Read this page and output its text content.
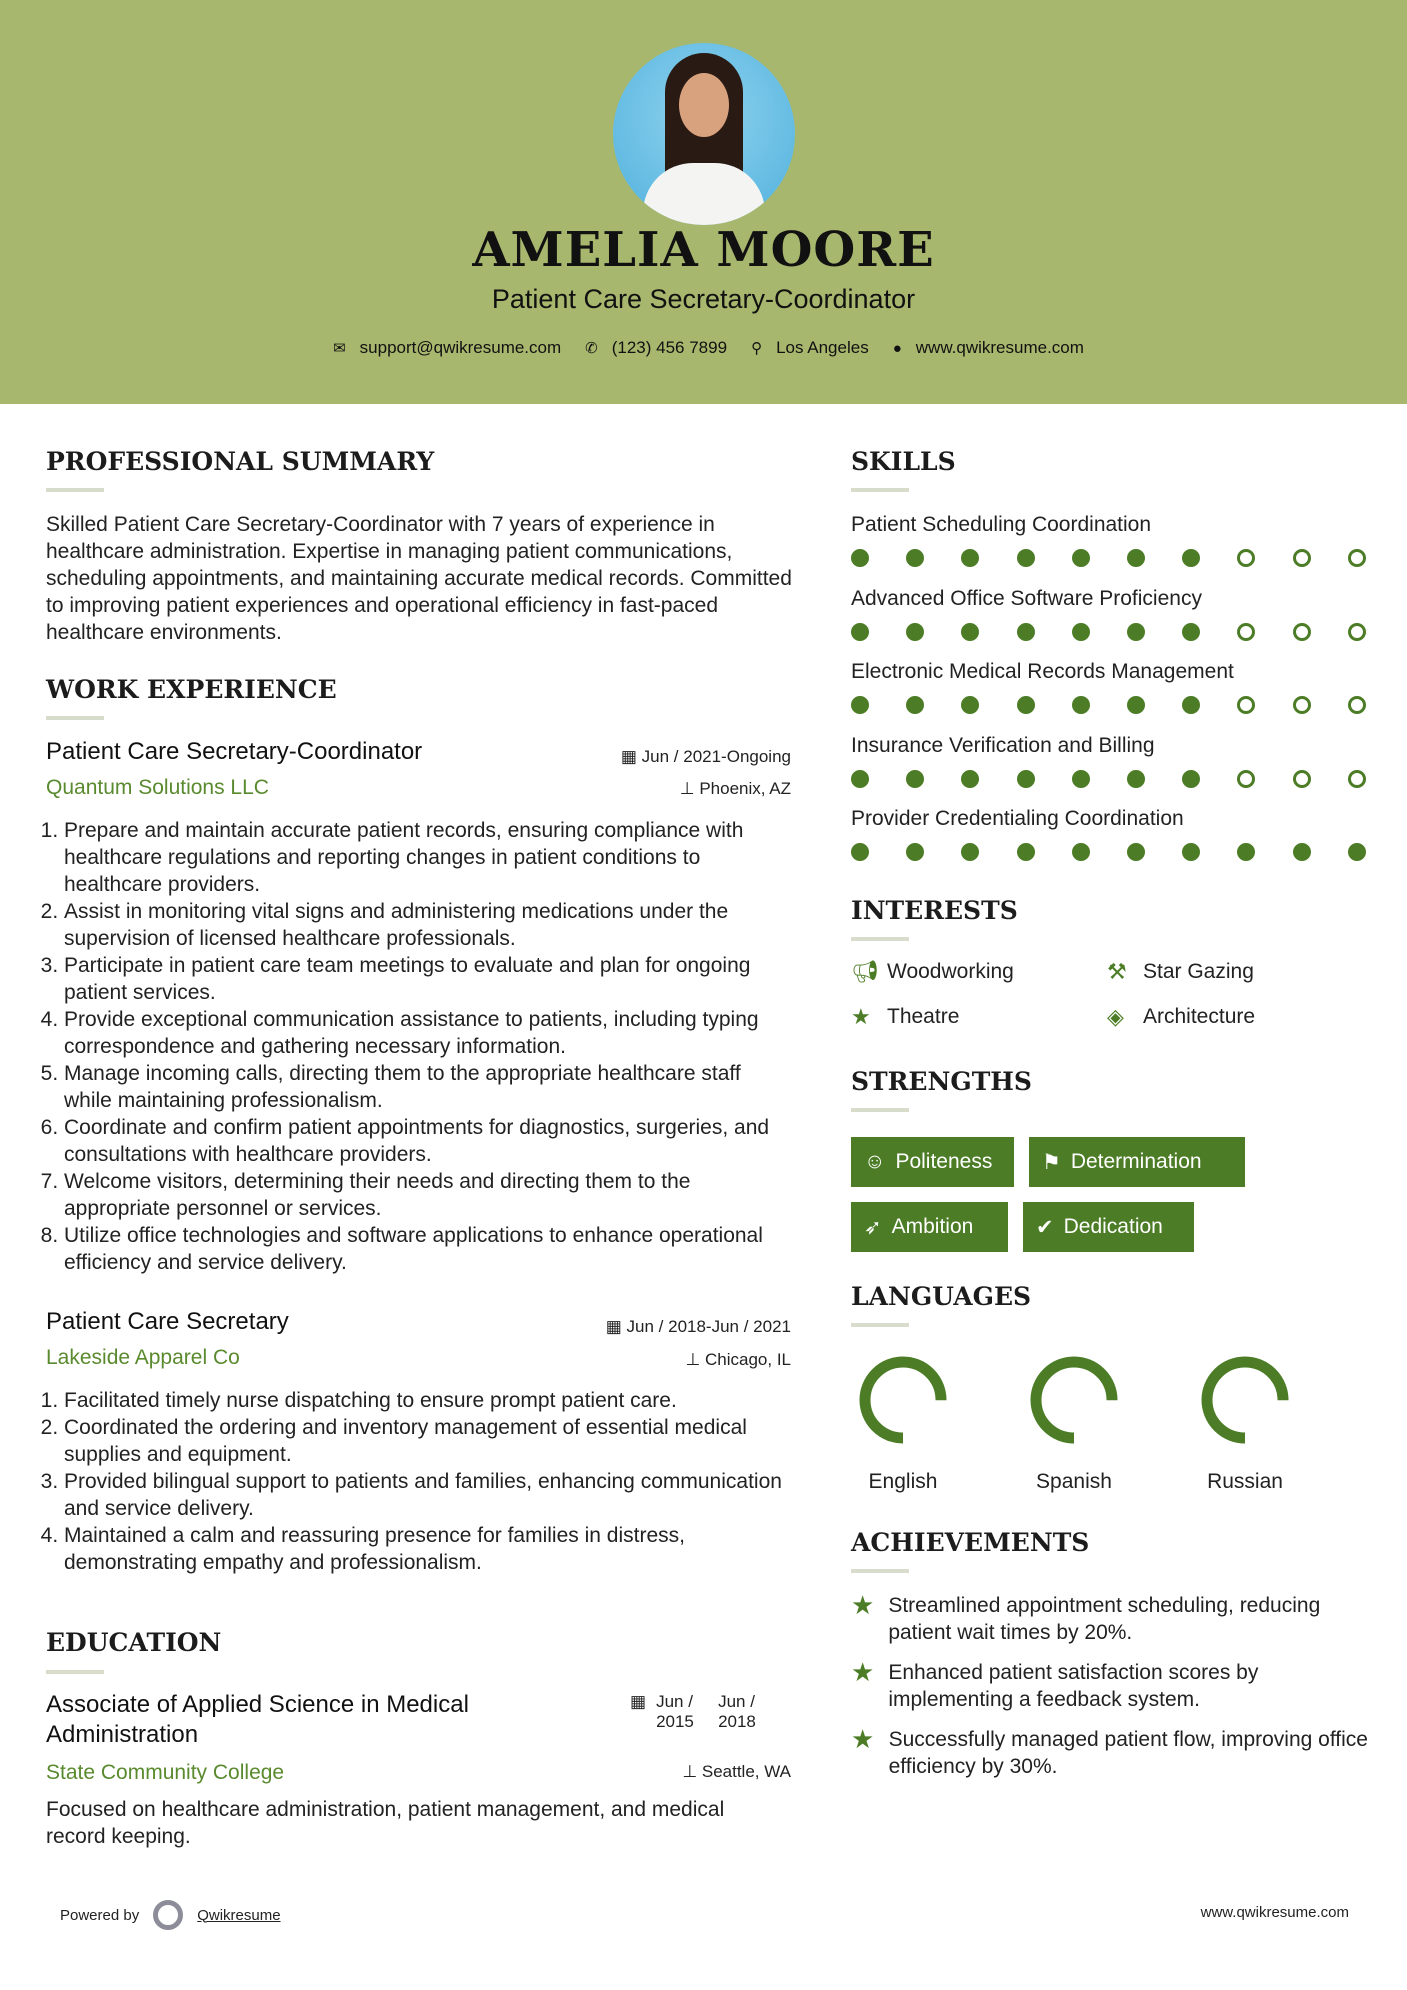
AMELIA MOORE
Patient Care Secretary-Coordinator
✉ support@qwikresume.com ✆ (123) 456 7899 ⚲ Los Angeles ● www.qwikresume.com
PROFESSIONAL SUMMARY
Skilled Patient Care Secretary-Coordinator with 7 years of experience in healthcare administration. Expertise in managing patient communications, scheduling appointments, and maintaining accurate medical records. Committed to improving patient experiences and operational efficiency in fast-paced healthcare environments.
WORK EXPERIENCE
Patient Care Secretary-Coordinator	▦ Jun / 2021-Ongoing
Quantum Solutions LLC	⊥ Phoenix, AZ
1. Prepare and maintain accurate patient records, ensuring compliance with healthcare regulations and reporting changes in patient conditions to healthcare providers.
2. Assist in monitoring vital signs and administering medications under the supervision of licensed healthcare professionals.
3. Participate in patient care team meetings to evaluate and plan for ongoing patient services.
4. Provide exceptional communication assistance to patients, including typing correspondence and gathering necessary information.
5. Manage incoming calls, directing them to the appropriate healthcare staff while maintaining professionalism.
6. Coordinate and confirm patient appointments for diagnostics, surgeries, and consultations with healthcare providers.
7. Welcome visitors, determining their needs and directing them to the appropriate personnel or services.
8. Utilize office technologies and software applications to enhance operational efficiency and service delivery.
Patient Care Secretary	▦ Jun / 2018-Jun / 2021
Lakeside Apparel Co	⊥ Chicago, IL
1. Facilitated timely nurse dispatching to ensure prompt patient care.
2. Coordinated the ordering and inventory management of essential medical supplies and equipment.
3. Provided bilingual support to patients and families, enhancing communication and service delivery.
4. Maintained a calm and reassuring presence for families in distress, demonstrating empathy and professionalism.
EDUCATION
Associate of Applied Science in Medical Administration
▦ Jun / 2015
Jun / 2018
State Community College	⊥ Seattle, WA
Focused on healthcare administration, patient management, and medical record keeping.
Powered by	Qwikresume	www.qwikresume.com
SKILLS
Patient Scheduling Coordination
Advanced Office Software Proficiency
Electronic Medical Records Management
Insurance Verification and Billing
Provider Credentialing Coordination
INTERESTS
📢︎ Woodworking	⚒ Star Gazing
★ Theatre	◈ Architecture
STRENGTHS
☺ Politeness ⚑ Determination
➶ Ambition	✔ Dedication
LANGUAGES
English	Spanish	Russian
ACHIEVEMENTS
★ Streamlined appointment scheduling, reducing patient wait times by 20%.
★ Enhanced patient satisfaction scores by implementing a feedback system.
★ Successfully managed patient flow, improving office efficiency by 30%.
